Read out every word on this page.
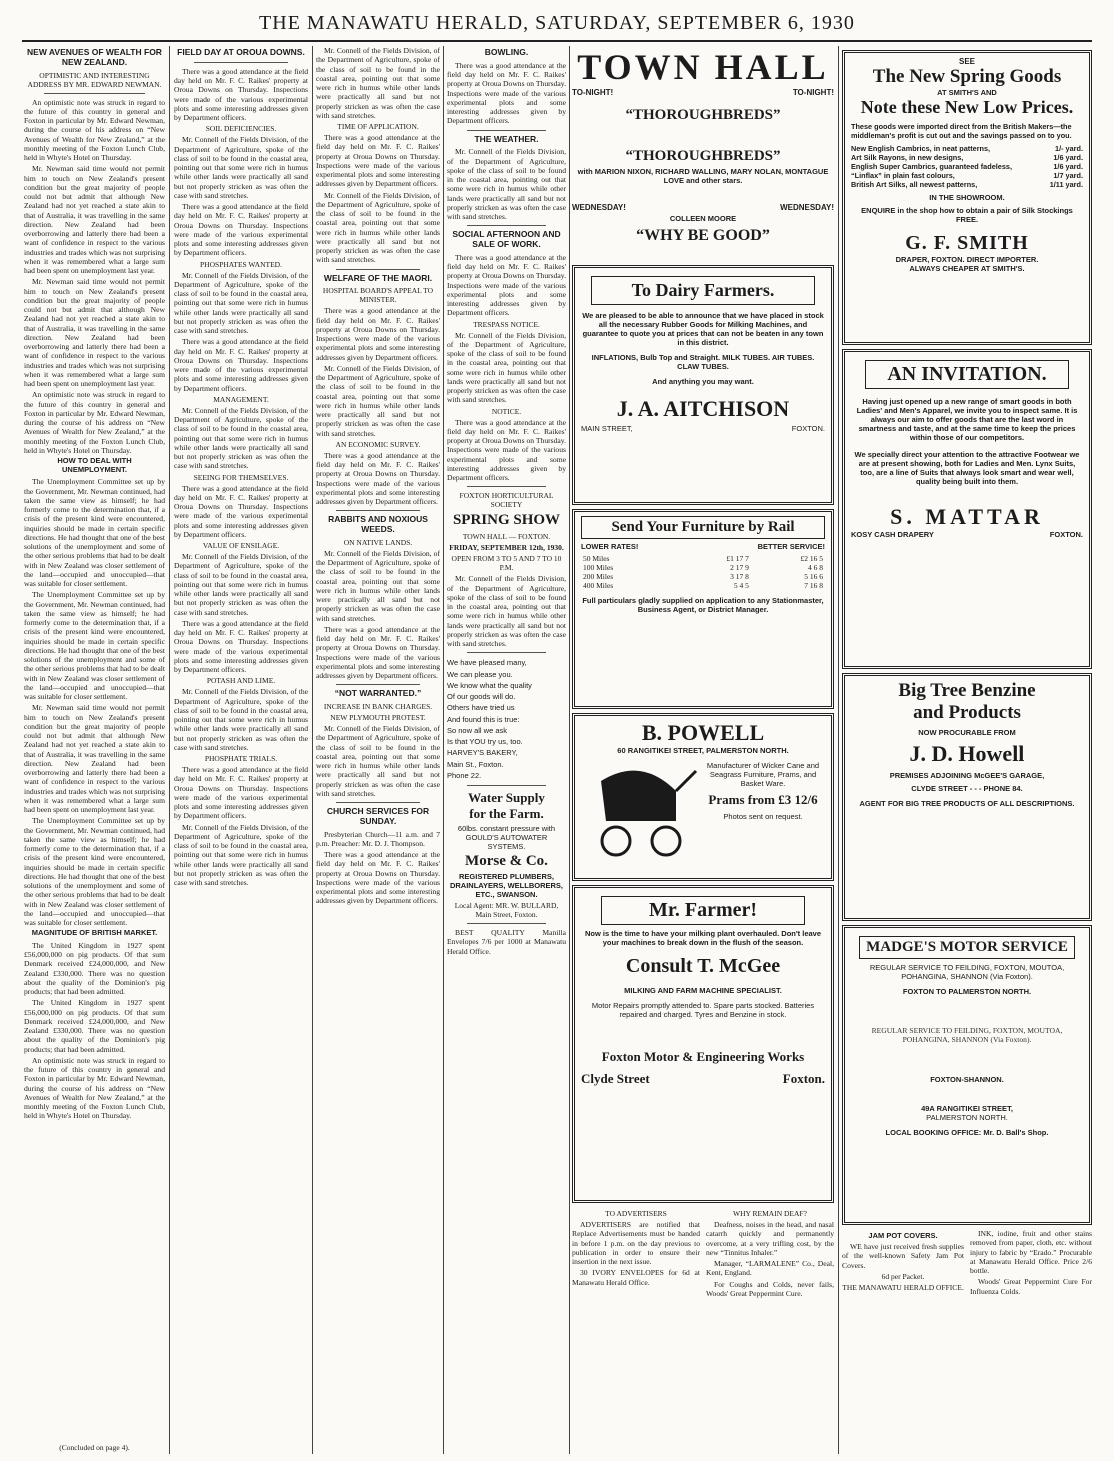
THE MANAWATU HERALD, SATURDAY, SEPTEMBER 6, 1930
NEW AVENUES OF WEALTH FOR NEW ZEALAND.
OPTIMISTIC AND INTERESTING ADDRESS BY MR. EDWARD NEWMAN.

An optimistic note was struck in regard to the future of this country in general and Foxton in particular by Mr. Edward Newman, during the course of his address on “New Avenues of Wealth for New Zealand,” at the monthly meeting of the Foxton Lunch Club, held in Whyte's Hotel on Thursday.

Mr. Newman said time would not permit him to touch on New Zealand's present condition but the great majority of people could not but admit that although New Zealand had not yet reached a state akin to that of Australia, it was travelling in the same direction. New Zealand had been overborrowing and latterly there had been a want of confidence in respect to the various industries and trades which was not surprising when it was remembered what a large sum had been spent on unemployment last year.

Mr. Newman said time would not permit him to touch on New Zealand's present condition but the great majority of people could not but admit that although New Zealand had not yet reached a state akin to that of Australia, it was travelling in the same direction. New Zealand had been overborrowing and latterly there had been a want of confidence in respect to the various industries and trades which was not surprising when it was remembered what a large sum had been spent on unemployment last year.

An optimistic note was struck in regard to the future of this country in general and Foxton in particular by Mr. Edward Newman, during the course of his address on “New Avenues of Wealth for New Zealand,” at the monthly meeting of the Foxton Lunch Club, held in Whyte's Hotel on Thursday.

HOW TO DEAL WITH UNEMPLOYMENT.

The Unemployment Committee set up by the Government, Mr. Newman continued, had taken the same view as himself; he had formerly come to the determination that, if a crisis of the present kind were encountered, inquiries should be made in certain specific directions. He had thought that one of the best solutions of the unemployment and some of the other serious problems that had to be dealt with in New Zealand was closer settlement of the land—occupied and unoccupied—that was suitable for closer settlement.

The Unemployment Committee set up by the Government, Mr. Newman continued, had taken the same view as himself; he had formerly come to the determination that, if a crisis of the present kind were encountered, inquiries should be made in certain specific directions. He had thought that one of the best solutions of the unemployment and some of the other serious problems that had to be dealt with in New Zealand was closer settlement of the land—occupied and unoccupied—that was suitable for closer settlement.

Mr. Newman said time would not permit him to touch on New Zealand's present condition but the great majority of people could not but admit that although New Zealand had not yet reached a state akin to that of Australia, it was travelling in the same direction. New Zealand had been overborrowing and latterly there had been a want of confidence in respect to the various industries and trades which was not surprising when it was remembered what a large sum had been spent on unemployment last year.

The Unemployment Committee set up by the Government, Mr. Newman continued, had taken the same view as himself; he had formerly come to the determination that, if a crisis of the present kind were encountered, inquiries should be made in certain specific directions. He had thought that one of the best solutions of the unemployment and some of the other serious problems that had to be dealt with in New Zealand was closer settlement of the land—occupied and unoccupied—that was suitable for closer settlement.

MAGNITUDE OF BRITISH MARKET.

The United Kingdom in 1927 spent £56,000,000 on pig products. Of that sum Denmark received £24,000,000, and New Zealand £330,000. There was no question about the quality of the Dominion's pig products; that had been admitted.

The United Kingdom in 1927 spent £56,000,000 on pig products. Of that sum Denmark received £24,000,000, and New Zealand £330,000. There was no question about the quality of the Dominion's pig products; that had been admitted.

An optimistic note was struck in regard to the future of this country in general and Foxton in particular by Mr. Edward Newman, during the course of his address on “New Avenues of Wealth for New Zealand,” at the monthly meeting of the Foxton Lunch Club, held in Whyte's Hotel on Thursday.

(Concluded on page 4).
FIELD DAY AT OROUA DOWNS.

There was a good attendance at the field day held on Mr. F. C. Raikes' property at Oroua Downs on Thursday. Inspections were made of the various experimental plots and some interesting addresses given by Department officers.

SOIL DEFICIENCIES.

Mr. Connell of the Fields Division, of the Department of Agriculture, spoke of the class of soil to be found in the coastal area, pointing out that some were rich in humus while other lands were practically all sand but not properly stricken as was often the case with sand stretches.

There was a good attendance at the field day held on Mr. F. C. Raikes' property at Oroua Downs on Thursday. Inspections were made of the various experimental plots and some interesting addresses given by Department officers.

PHOSPHATES WANTED.

Mr. Connell of the Fields Division, of the Department of Agriculture, spoke of the class of soil to be found in the coastal area, pointing out that some were rich in humus while other lands were practically all sand but not properly stricken as was often the case with sand stretches.

There was a good attendance at the field day held on Mr. F. C. Raikes' property at Oroua Downs on Thursday. Inspections were made of the various experimental plots and some interesting addresses given by Department officers.

MANAGEMENT.

Mr. Connell of the Fields Division, of the Department of Agriculture, spoke of the class of soil to be found in the coastal area, pointing out that some were rich in humus while other lands were practically all sand but not properly stricken as was often the case with sand stretches.

SEEING FOR THEMSELVES.

There was a good attendance at the field day held on Mr. F. C. Raikes' property at Oroua Downs on Thursday. Inspections were made of the various experimental plots and some interesting addresses given by Department officers.

VALUE OF ENSILAGE.

Mr. Connell of the Fields Division, of the Department of Agriculture, spoke of the class of soil to be found in the coastal area, pointing out that some were rich in humus while other lands were practically all sand but not properly stricken as was often the case with sand stretches.

There was a good attendance at the field day held on Mr. F. C. Raikes' property at Oroua Downs on Thursday. Inspections were made of the various experimental plots and some interesting addresses given by Department officers.

POTASH AND LIME.

Mr. Connell of the Fields Division, of the Department of Agriculture, spoke of the class of soil to be found in the coastal area, pointing out that some were rich in humus while other lands were practically all sand but not properly stricken as was often the case with sand stretches.

PHOSPHATE TRIALS.

There was a good attendance at the field day held on Mr. F. C. Raikes' property at Oroua Downs on Thursday. Inspections were made of the various experimental plots and some interesting addresses given by Department officers.

Mr. Connell of the Fields Division, of the Department of Agriculture, spoke of the class of soil to be found in the coastal area, pointing out that some were rich in humus while other lands were practically all sand but not properly stricken as was often the case with sand stretches.

Mr. Connell of the Fields Division, of the Department of Agriculture, spoke of the class of soil to be found in the coastal area, pointing out that some were rich in humus while other lands were practically all sand but not properly stricken as was often the case with sand stretches.

TIME OF APPLICATION.

There was a good attendance at the field day held on Mr. F. C. Raikes' property at Oroua Downs on Thursday. Inspections were made of the various experimental plots and some interesting addresses given by Department officers.

Mr. Connell of the Fields Division, of the Department of Agriculture, spoke of the class of soil to be found in the coastal area, pointing out that some were rich in humus while other lands were practically all sand but not properly stricken as was often the case with sand stretches.

WELFARE OF THE MAORI.
HOSPITAL BOARD'S APPEAL TO MINISTER.

There was a good attendance at the field day held on Mr. F. C. Raikes' property at Oroua Downs on Thursday. Inspections were made of the various experimental plots and some interesting addresses given by Department officers.

Mr. Connell of the Fields Division, of the Department of Agriculture, spoke of the class of soil to be found in the coastal area, pointing out that some were rich in humus while other lands were practically all sand but not properly stricken as was often the case with sand stretches.

AN ECONOMIC SURVEY.

There was a good attendance at the field day held on Mr. F. C. Raikes' property at Oroua Downs on Thursday. Inspections were made of the various experimental plots and some interesting addresses given by Department officers.

RABBITS AND NOXIOUS WEEDS.
ON NATIVE LANDS.

Mr. Connell of the Fields Division, of the Department of Agriculture, spoke of the class of soil to be found in the coastal area, pointing out that some were rich in humus while other lands were practically all sand but not properly stricken as was often the case with sand stretches.

There was a good attendance at the field day held on Mr. F. C. Raikes' property at Oroua Downs on Thursday. Inspections were made of the various experimental plots and some interesting addresses given by Department officers.

“NOT WARRANTED.”
INCREASE IN BANK CHARGES.
NEW PLYMOUTH PROTEST.

Mr. Connell of the Fields Division, of the Department of Agriculture, spoke of the class of soil to be found in the coastal area, pointing out that some were rich in humus while other lands were practically all sand but not properly stricken as was often the case with sand stretches.

CHURCH SERVICES FOR SUNDAY.

Presbyterian Church—11 a.m. and 7 p.m. Preacher: Mr. D. J. Thompson.

There was a good attendance at the field day held on Mr. F. C. Raikes' property at Oroua Downs on Thursday. Inspections were made of the various experimental plots and some interesting addresses given by Department officers.

BOWLING.

There was a good attendance at the field day held on Mr. F. C. Raikes' property at Oroua Downs on Thursday. Inspections were made of the various experimental plots and some interesting addresses given by Department officers.

THE WEATHER.

Mr. Connell of the Fields Division, of the Department of Agriculture, spoke of the class of soil to be found in the coastal area, pointing out that some were rich in humus while other lands were practically all sand but not properly stricken as was often the case with sand stretches.

SOCIAL AFTERNOON AND SALE OF WORK.

There was a good attendance at the field day held on Mr. F. C. Raikes' property at Oroua Downs on Thursday. Inspections were made of the various experimental plots and some interesting addresses given by Department officers.

TRESPASS NOTICE.

Mr. Connell of the Fields Division, of the Department of Agriculture, spoke of the class of soil to be found in the coastal area, pointing out that some were rich in humus while other lands were practically all sand but not properly stricken as was often the case with sand stretches.

NOTICE.

There was a good attendance at the field day held on Mr. F. C. Raikes' property at Oroua Downs on Thursday. Inspections were made of the various experimental plots and some interesting addresses given by Department officers.

FOXTON HORTICULTURAL SOCIETY
SPRING SHOW
TOWN HALL — FOXTON.
FRIDAY, SEPTEMBER 12th, 1930.
OPEN FROM 3 TO 5 AND 7 TO 10 P.M.

Mr. Connell of the Fields Division, of the Department of Agriculture, spoke of the class of soil to be found in the coastal area, pointing out that some were rich in humus while other lands were practically all sand but not properly stricken as was often the case with sand stretches.

We have pleased many,
We can please you.
We know what the quality
Of our goods will do.
Others have tried us
And found this is true:
So now all we ask
Is that YOU try us, too.
HARVEY'S BAKERY,
Main St., Foxton.
Phone 22.
Water Supply
for the Farm.
60lbs. constant pressure with GOULD'S AUTOWATER SYSTEMS.
Morse & Co.
REGISTERED PLUMBERS, DRAINLAYERS, WELLBORERS, ETC., SWANSON.
Local Agent: MR. W. BULLARD, Main Street, Foxton.

BEST QUALITY Manilla Envelopes 7/6 per 1000 at Manawatu Herald Office.

TOWN HALL
TO-NIGHT!	TO-NIGHT!
“THOROUGHBREDS”
“THOROUGHBREDS”
with MARION NIXON, RICHARD WALLING, MARY NOLAN, MONTAGUE LOVE and other stars.
WEDNESDAY!	WEDNESDAY!
COLLEEN MOORE
“WHY BE GOOD”
To Dairy Farmers.
We are pleased to be able to announce that we have placed in stock all the necessary Rubber Goods for Milking Machines, and guarantee to quote you at prices that can not be beaten in any town in this district.
INFLATIONS, Bulb Top and Straight. MILK TUBES. AIR TUBES. CLAW TUBES.
And anything you may want.
J. A. AITCHISON
MAIN STREET,	FOXTON.
Send Your Furniture by Rail
LOWER RATES!	BETTER SERVICE!
50 Miles	£1 17 7	£2 16 5
100 Miles	2 17 9	4 6 8
200 Miles	3 17 8	5 16 6
400 Miles	5 4 5	7 16 8
Full particulars gladly supplied on application to any Stationmaster, Business Agent, or District Manager.
B. POWELL
60 RANGITIKEI STREET, PALMERSTON NORTH.
Manufacturer of Wicker Cane and Seagrass Furniture, Prams, and Basket Ware.
Prams from £3 12/6
Photos sent on request.
Mr. Farmer!
Now is the time to have your milking plant overhauled. Don't leave your machines to break down in the flush of the season.
Consult T. McGee
MILKING AND FARM MACHINE SPECIALIST.
Motor Repairs promptly attended to. Spare parts stocked. Batteries repaired and charged. Tyres and Benzine in stock.
Foxton Motor & Engineering Works
Clyde Street	Foxton.
TO ADVERTISERS

ADVERTISERS are notified that Replace Advertisements must be handed in before 1 p.m. on the day previous to publication in order to ensure their insertion in the next issue.

30 IVORY ENVELOPES for 6d at Manawatu Herald Office.

WHY REMAIN DEAF?

Deafness, noises in the head, and nasal catarrh quickly and permanently overcome, at a very trifling cost, by the new “Tinnitus Inhaler.”

Manager, “LARMALENE” Co., Deal, Kent, England.

For Coughs and Colds, never fails, Woods' Great Peppermint Cure.

SEE
The New Spring Goods
AT SMITH'S AND
Note these New Low Prices.
These goods were imported direct from the British Makers—the middleman's profit is cut out and the savings passed on to you.
New English Cambrics, in neat patterns,	1/- yard.
Art Silk Rayons, in new designs,	1/6 yard.
English Super Cambrics, guaranteed fadeless,	1/6 yard.
“Linflax” in plain fast colours,	1/7 yard.
British Art Silks, all newest patterns,	1/11 yard.
IN THE SHOWROOM.
ENQUIRE in the shop how to obtain a pair of Silk Stockings FREE.
G. F. SMITH
DRAPER, FOXTON. DIRECT IMPORTER.
ALWAYS CHEAPER AT SMITH'S.
AN INVITATION.
Having just opened up a new range of smart goods in both Ladies' and Men's Apparel, we invite you to inspect same. It is always our aim to offer goods that are the last word in smartness and taste, and at the same time to keep the prices within those of our competitors.
We specially direct your attention to the attractive Footwear we are at present showing, both for Ladies and Men. Lynx Suits, too, are a line of Suits that always look smart and wear well, quality being built into them.
S. MATTAR
KOSY CASH DRAPERY	FOXTON.
Big Tree Benzine
and Products
NOW PROCURABLE FROM
J. D. Howell
PREMISES ADJOINING McGEE'S GARAGE,
CLYDE STREET - - - PHONE 84.
AGENT FOR BIG TREE PRODUCTS OF ALL DESCRIPTIONS.
MADGE'S MOTOR SERVICE
REGULAR SERVICE TO FEILDING, FOXTON, MOUTOA, POHANGINA, SHANNON (Via Foxton).
FOXTON TO PALMERSTON NORTH.
REGULAR SERVICE TO FEILDING, FOXTON, MOUTOA, POHANGINA, SHANNON (Via Foxton).
FOXTON-SHANNON.
49A RANGITIKEI STREET,
PALMERSTON NORTH.
LOCAL BOOKING OFFICE: Mr. D. Ball's Shop.
JAM POT COVERS.

WE have just received fresh supplies of the well-known Safety Jam Pot Covers.

6d per Packet.
THE MANAWATU HERALD OFFICE.

INK, iodine, fruit and other stains removed from paper, cloth, etc. without injury to fabric by “Erado.” Procurable at Manawatu Herald Office. Price 2/6 bottle.

Woods' Great Peppermint Cure For Influenza Colds.
